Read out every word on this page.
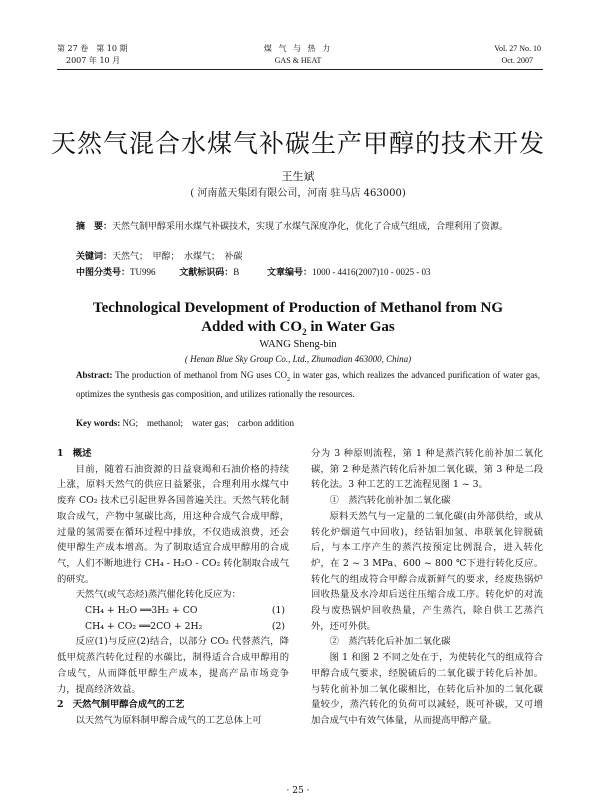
第 27 卷　第 10 期
2007 年 10 月
煤 气 与 热 力
GAS & HEAT
Vol. 27 No. 10
Oct. 2007
天然气混合水煤气补碳生产甲醇的技术开发
王生斌
( 河南蓝天集团有限公司，河南 驻马店 463000)
摘　要：天然气制甲醇采用水煤气补碳技术，实现了水煤气深度净化，优化了合成气组成，合理利用了资源。
关键词：天然气；　甲醇；　水煤气；　补碳
中图分类号：TU996	文献标识码：B	文章编号：1000 - 4416(2007)10 - 0025 - 03
Technological Development of Production of Methanol from NG
Added with $CO_2$ in Water Gas
WANG Sheng-bin
( Henan Blue Sky Group Co., Ltd., Zhumadian 463000, China)
Abstract: The production of methanol from NG uses $CO_2$ in water gas, which realizes the advanced purification of water gas, optimizes the synthesis gas composition, and utilizes rationally the resources.
Key words: NG;　methanol;　water gas;　carbon addition

1　概述

目前，随着石油资源的日益衰竭和石油价格的持续上涨，原料天然气的供应日益紧张，合理利用水煤气中废弃 CO₂ 技术已引起世界各国普遍关注。天然气转化制取合成气，产物中氢碳比高，用这种合成气合成甲醇，过量的氢需要在循环过程中排放，不仅造成浪费，还会使甲醇生产成本增高。为了制取适宜合成甲醇用的合成气，人们不断地进行 CH₄ - H₂O - CO₂ 转化制取合成气的研究。

天然气(或气态烃)蒸汽催化转化反应为：

CH₄ + H₂O ══3H₂ + CO	(1)
CH₄ + CO₂ ══2CO + 2H₂	(2)

反应(1)与反应(2)结合，以部分 CO₂ 代替蒸汽，降低甲烷蒸汽转化过程的水碳比，制得适合合成甲醇用的合成气，从而降低甲醇生产成本，提高产品市场竞争力，提高经济效益。

2　天然气制甲醇合成气的工艺

以天然气为原料制甲醇合成气的工艺总体上可

分为 3 种原则流程，第 1 种是蒸汽转化前补加二氧化碳，第 2 种是蒸汽转化后补加二氧化碳，第 3 种是二段转化法。3 种工艺的工艺流程见图 1 ~ 3。

①　蒸汽转化前补加二氧化碳

原料天然气与一定量的二氧化碳(由外部供给，或从转化炉烟道气中回收)，经钴钼加氢、串联氧化锌脱硫后，与本工序产生的蒸汽按预定比例混合，进入转化炉，在 2 ~ 3 MPa、600 ~ 800 ℃下进行转化反应。转化气的组成符合甲醇合成新鲜气的要求，经废热锅炉回收热量及水冷却后送往压缩合成工序。转化炉的对流段与废热锅炉回收热量，产生蒸汽，除自供工艺蒸汽外，还可外供。

②　蒸汽转化后补加二氧化碳

图 1 和图 2 不同之处在于，为使转化气的组成符合甲醇合成气要求，经脱硫后的二氧化碳于转化后补加。与转化前补加二氧化碳相比，在转化后补加的二氧化碳量较少，蒸汽转化的负荷可以减轻，既可补碳，又可增加合成气中有效气体量，从而提高甲醇产量。

· 25 ·
